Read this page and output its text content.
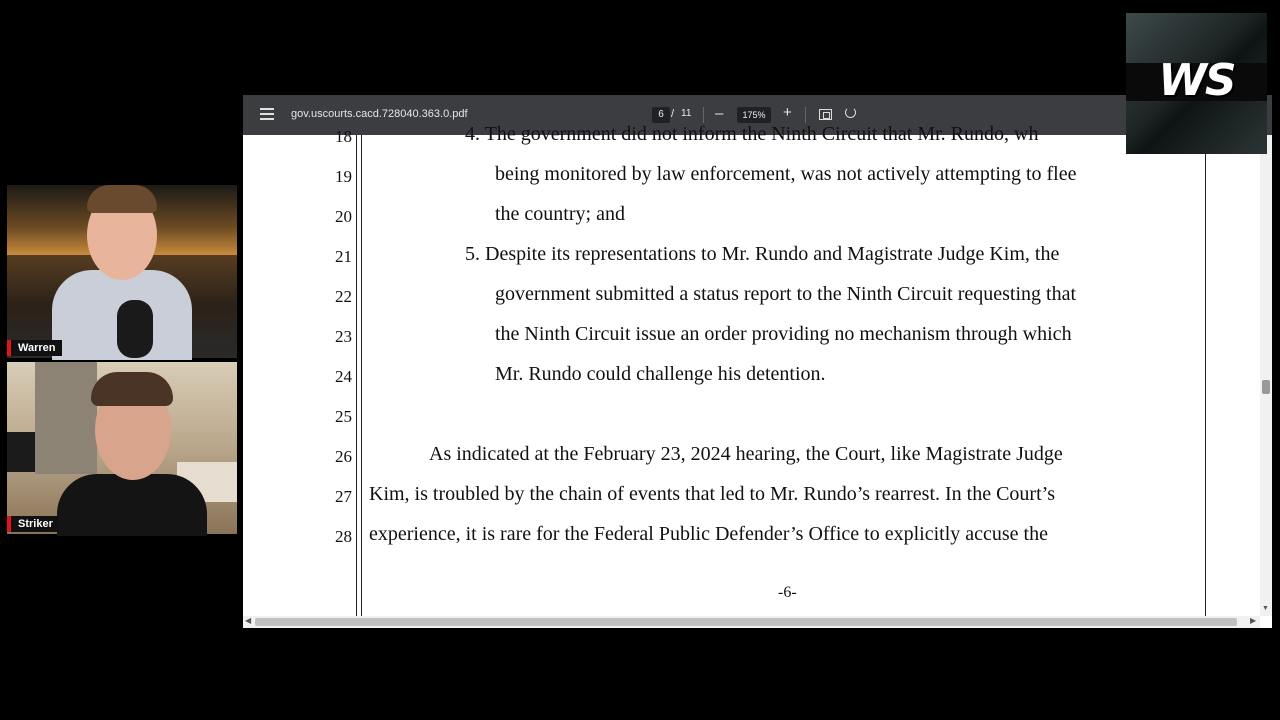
gov.uscourts.cacd.728040.363.0.pdf	6 / 11 –	175%	+
18	4. The government did not inform the Ninth Circuit that Mr. Rundo, wh
19	being monitored by law enforcement, was not actively attempting to flee
20	the country; and
21	5. Despite its representations to Mr. Rundo and Magistrate Judge Kim, the
22	government submitted a status report to the Ninth Circuit requesting that
23	the Ninth Circuit issue an order providing no mechanism through which
24	Mr. Rundo could challenge his detention.
25
26	As indicated at the February 23, 2024 hearing, the Court, like Magistrate Judge
27 Kim, is troubled by the chain of events that led to Mr. Rundo’s rearrest. In the Court’s
28 experience, it is rare for the Federal Public Defender’s Office to explicitly accuse the
-6-
▼
◀	▶
Warren
Striker
WS
